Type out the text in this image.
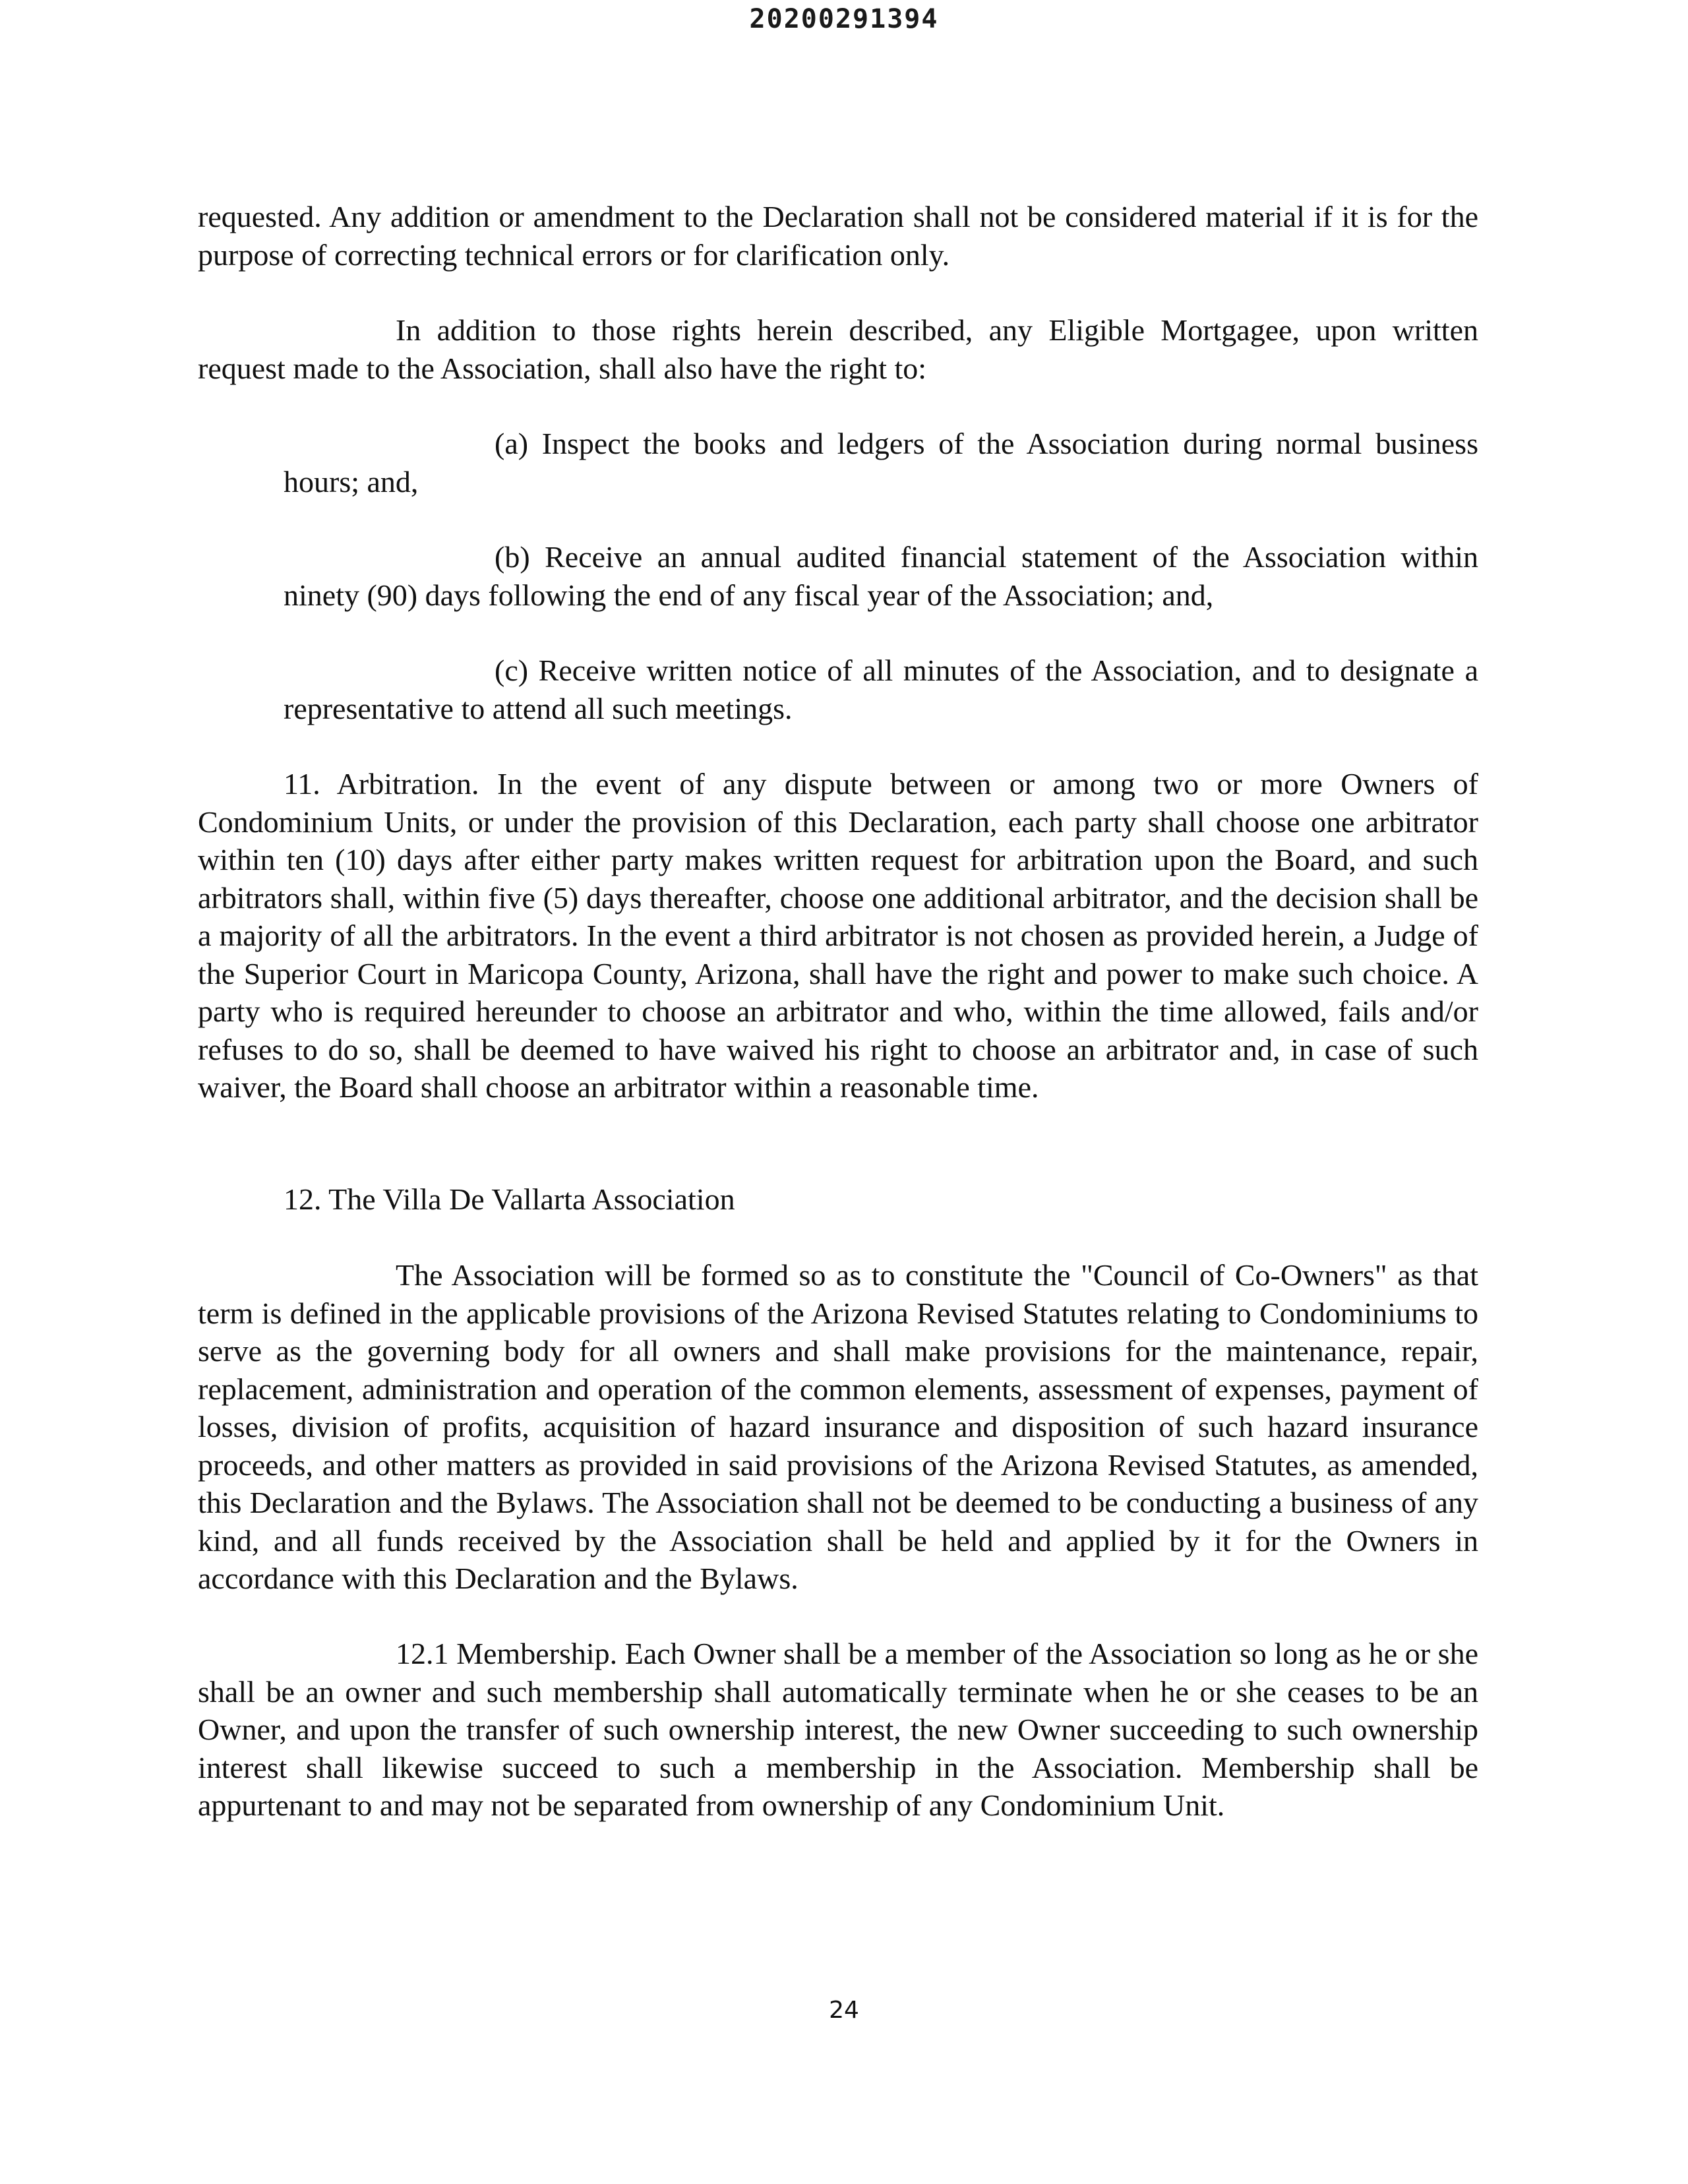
20200291394

requested. Any addition or amendment to the Declaration shall not be considered material if it is for the purpose of correcting technical errors or for clarification only.

In addition to those rights herein described, any Eligible Mortgagee, upon written request made to the Association, shall also have the right to:

(a) Inspect the books and ledgers of the Association during normal business hours; and,

(b) Receive an annual audited financial statement of the Association within ninety (90) days following the end of any fiscal year of the Association; and,

(c) Receive written notice of all minutes of the Association, and to designate a representative to attend all such meetings.

11. Arbitration. In the event of any dispute between or among two or more Owners of Condominium Units, or under the provision of this Declaration, each party shall choose one arbitrator within ten (10) days after either party makes written request for arbitration upon the Board, and such arbitrators shall, within five (5) days thereafter, choose one additional arbitrator, and the decision shall be a majority of all the arbitrators. In the event a third arbitrator is not chosen as provided herein, a Judge of the Superior Court in Maricopa County, Arizona, shall have the right and power to make such choice. A party who is required hereunder to choose an arbitrator and who, within the time allowed, fails and/or refuses to do so, shall be deemed to have waived his right to choose an arbitrator and, in case of such waiver, the Board shall choose an arbitrator within a reasonable time.

12. The Villa De Vallarta Association

The Association will be formed so as to constitute the "Council of Co-Owners" as that term is defined in the applicable provisions of the Arizona Revised Statutes relating to Condominiums to serve as the governing body for all owners and shall make provisions for the maintenance, repair, replacement, administration and operation of the common elements, assessment of expenses, payment of losses, division of profits, acquisition of hazard insurance and disposition of such hazard insurance proceeds, and other matters as provided in said provisions of the Arizona Revised Statutes, as amended, this Declaration and the Bylaws. The Association shall not be deemed to be conducting a business of any kind, and all funds received by the Association shall be held and applied by it for the Owners in accordance with this Declaration and the Bylaws.

12.1 Membership. Each Owner shall be a member of the Association so long as he or she shall be an owner and such membership shall automatically terminate when he or she ceases to be an Owner, and upon the transfer of such ownership interest, the new Owner succeeding to such ownership interest shall likewise succeed to such a membership in the Association. Membership shall be appurtenant to and may not be separated from ownership of any Condominium Unit.

24
